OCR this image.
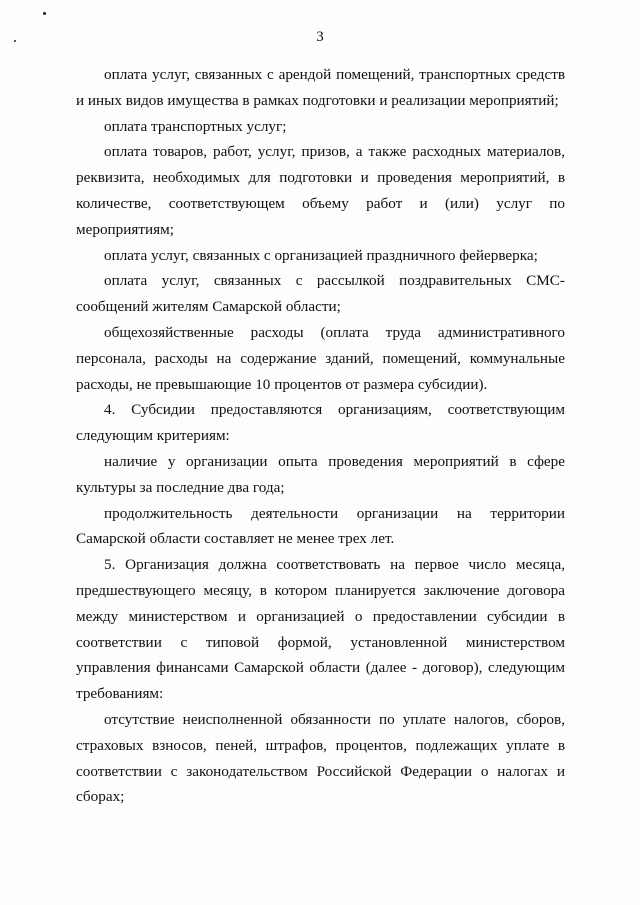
3

оплата услуг, связанных с арендой помещений, транспортных средств и иных видов имущества в рамках подготовки и реализации мероприятий;

оплата транспортных услуг;

оплата товаров, работ, услуг, призов, а также расходных материалов, реквизита, необходимых для подготовки и проведения мероприятий, в количестве, соответствующем объему работ и (или) услуг по мероприятиям;

оплата услуг, связанных с организацией праздничного фейерверка;

оплата услуг, связанных с рассылкой поздравительных СМС-сообщений жителям Самарской области;

общехозяйственные расходы (оплата труда административного персонала, расходы на содержание зданий, помещений, коммунальные расходы, не превышающие 10 процентов от размера субсидии).

4. Субсидии предоставляются организациям, соответствующим следующим критериям:

наличие у организации опыта проведения мероприятий в сфере культуры за последние два года;

продолжительность деятельности организации на территории Самарской области составляет не менее трех лет.

5. Организация должна соответствовать на первое число месяца, предшествующего месяцу, в котором планируется заключение договора между министерством и организацией о предоставлении субсидии в соответствии с типовой формой, установленной министерством управления финансами Самарской области (далее - договор), следующим требованиям:

отсутствие неисполненной обязанности по уплате налогов, сборов, страховых взносов, пеней, штрафов, процентов, подлежащих уплате в соответствии с законодательством Российской Федерации о налогах и сборах;
